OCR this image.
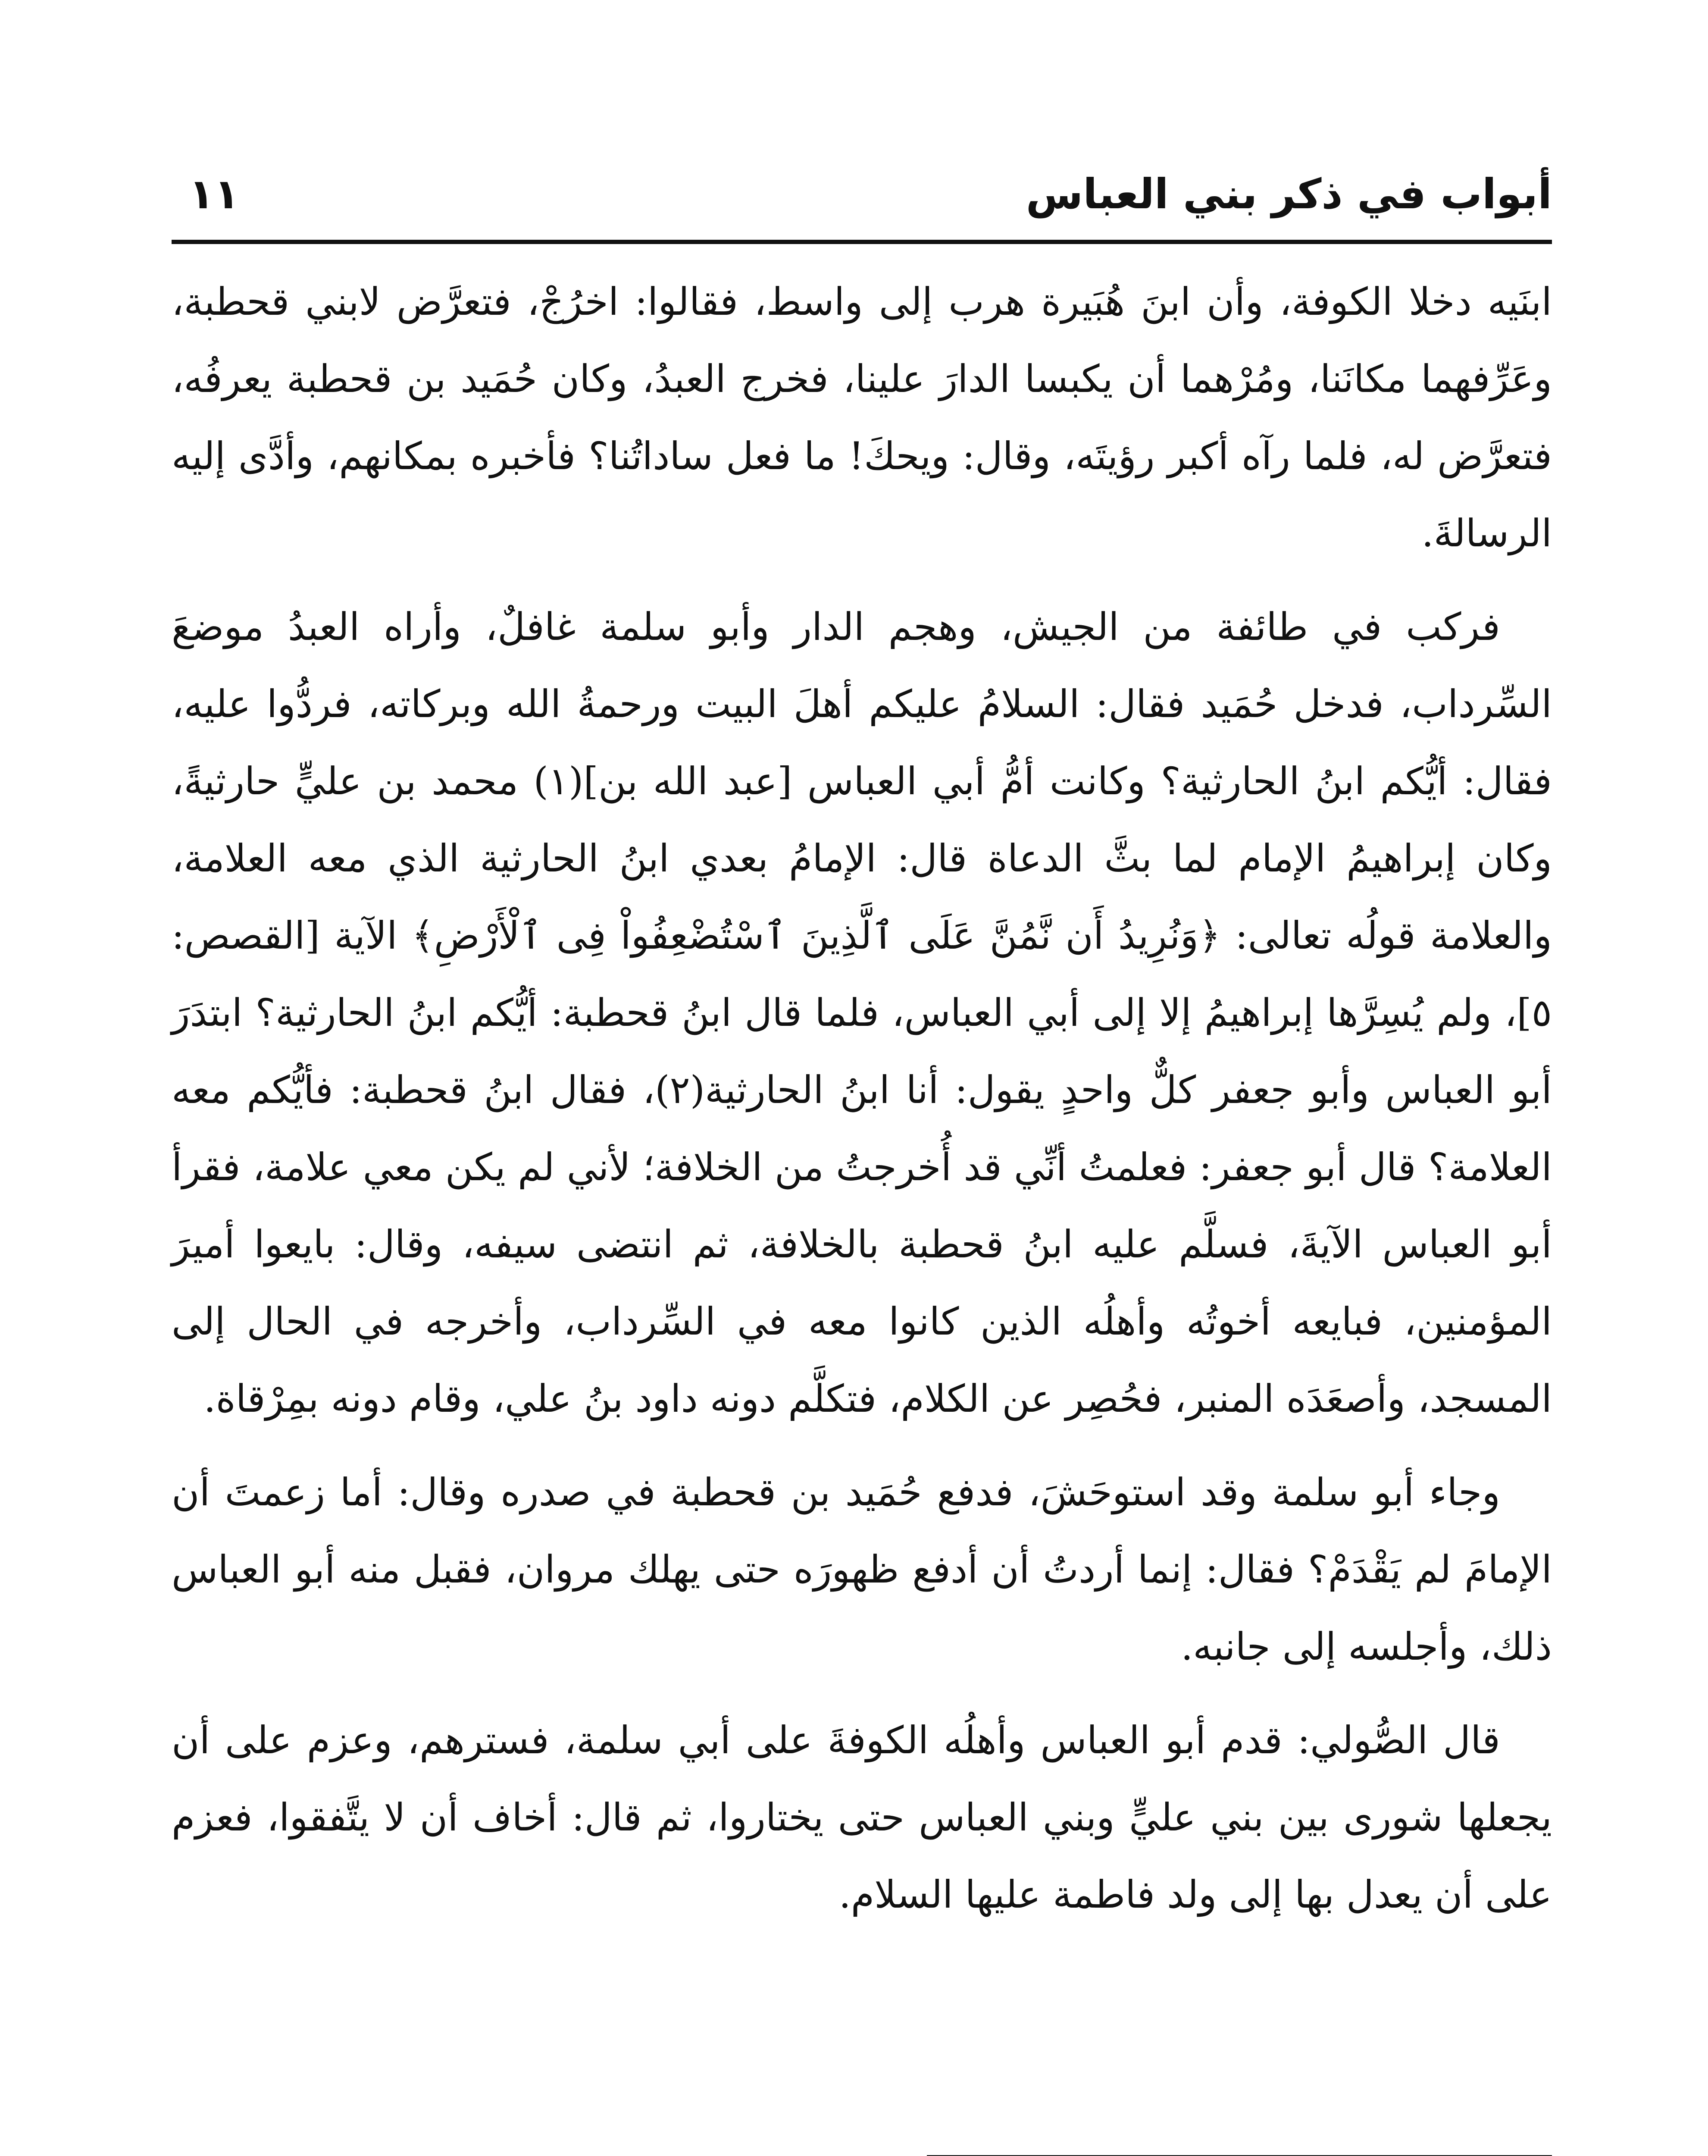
أبواب في ذكر بني العباس
١١

ابنَيه دخلا الكوفة، وأن ابنَ هُبَيرة هرب إلى واسط، فقالوا: اخرُجْ، فتعرَّض لابني قحطبة، وعَرِّفهما مكانَنا، ومُرْهما أن يكبسا الدارَ علينا، فخرج العبدُ، وكان حُمَيد بن قحطبة يعرفُه، فتعرَّض له، فلما رآه أكبر رؤيتَه، وقال: ويحكَ! ما فعل ساداتُنا؟ فأخبره بمكانهم، وأدَّى إليه الرسالةَ.

فركب في طائفة من الجيش، وهجم الدار وأبو سلمة غافلٌ، وأراه العبدُ موضعَ السِّرداب، فدخل حُمَيد فقال: السلامُ عليكم أهلَ البيت ورحمةُ الله وبركاته، فردُّوا عليه، فقال: أيُّكم ابنُ الحارثية؟ وكانت أمُّ أبي العباس [عبد الله بن](١) محمد بن عليٍّ حارثيةً، وكان إبراهيمُ الإمام لما بثَّ الدعاة قال: الإمامُ بعدي ابنُ الحارثية الذي معه العلامة، والعلامة قولُه تعالى: ﴿وَنُرِيدُ أَن نَّمُنَّ عَلَى ٱلَّذِينَ ٱسْتُضْعِفُواْ فِى ٱلْأَرْضِ﴾ الآية [القصص: ٥]، ولم يُسِرَّها إبراهيمُ إلا إلى أبي العباس، فلما قال ابنُ قحطبة: أيُّكم ابنُ الحارثية؟ ابتدَرَ أبو العباس وأبو جعفر كلٌّ واحدٍ يقول: أنا ابنُ الحارثية(٢)، فقال ابنُ قحطبة: فأيُّكم معه العلامة؟ قال أبو جعفر: فعلمتُ أنِّي قد أُخرجتُ من الخلافة؛ لأني لم يكن معي علامة، فقرأ أبو العباس الآيةَ، فسلَّم عليه ابنُ قحطبة بالخلافة، ثم انتضى سيفه، وقال: بايعوا أميرَ المؤمنين، فبايعه أخوتُه وأهلُه الذين كانوا معه في السِّرداب، وأخرجه في الحال إلى المسجد، وأصعَدَه المنبر، فحُصِر عن الكلام، فتكلَّم دونه داود بنُ علي، وقام دونه بمِرْقاة.

وجاء أبو سلمة وقد استوحَشَ، فدفع حُمَيد بن قحطبة في صدره وقال: أما زعمتَ أن الإمامَ لم يَقْدَمْ؟ فقال: إنما أردتُ أن أدفع ظهورَه حتى يهلك مروان، فقبل منه أبو العباس ذلك، وأجلسه إلى جانبه.

قال الصُّولي: قدم أبو العباس وأهلُه الكوفةَ على أبي سلمة، فسترهم، وعزم على أن يجعلها شورى بين بني عليٍّ وبني العباس حتى يختاروا، ثم قال: أخاف أن لا يتَّفقوا، فعزم على أن يعدل بها إلى ولد فاطمة عليها السلام.
